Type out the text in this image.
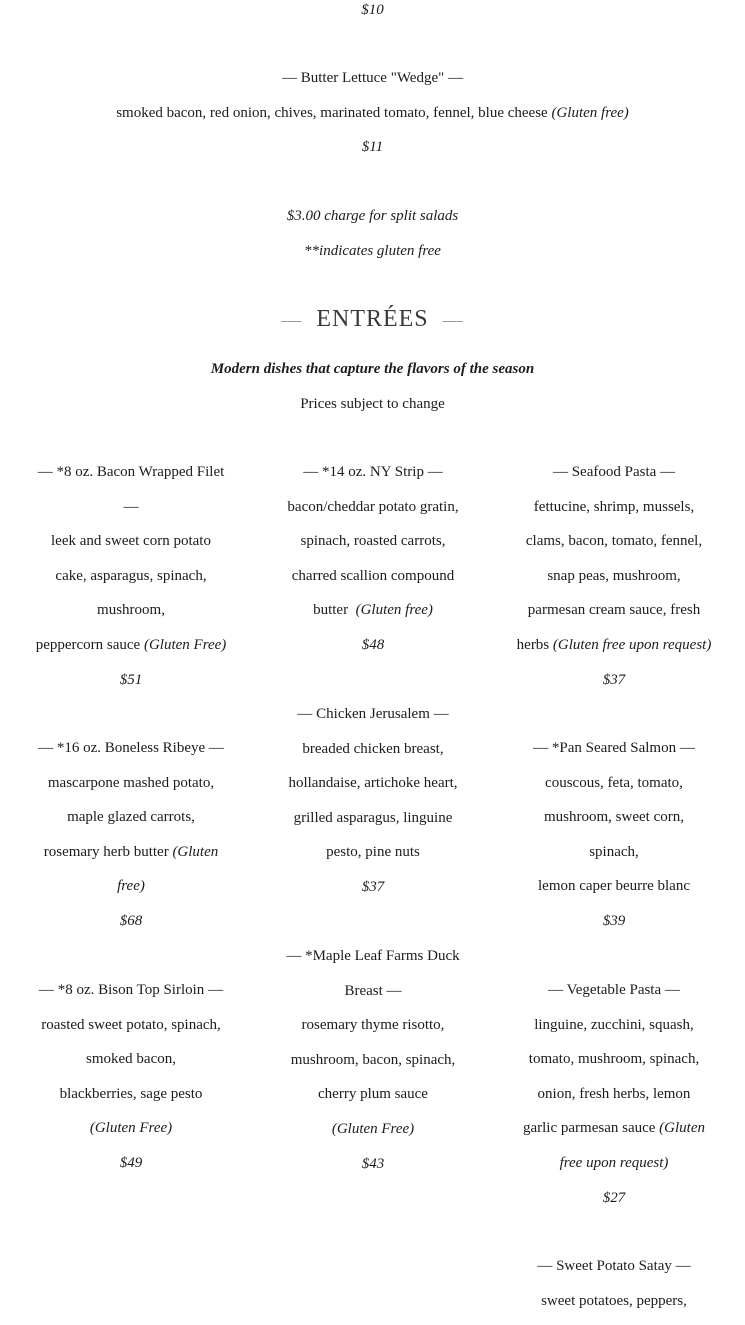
$10
— Butter Lettuce "Wedge" —
smoked bacon, red onion, chives, marinated tomato, fennel, blue cheese (Gluten free)
$11
$3.00 charge for split salads
**indicates gluten free
— ENTRÉES —
Modern dishes that capture the flavors of the season
Prices subject to change
— *8 oz. Bacon Wrapped Filet
—
leek and sweet corn potato
cake, asparagus, spinach,
mushroom,
peppercorn sauce (Gluten Free)
$51
— *16 oz. Boneless Ribeye —
mascarpone mashed potato,
maple glazed carrots,
rosemary herb butter (Gluten
free)
$68
— *8 oz. Bison Top Sirloin —
roasted sweet potato, spinach,
smoked bacon,
blackberries, sage pesto
(Gluten Free)
$49
— *14 oz. NY Strip —
bacon/cheddar potato gratin,
spinach, roasted carrots,
charred scallion compound
butter (Gluten free)
$48
— Chicken Jerusalem —
breaded chicken breast,
hollandaise, artichoke heart,
grilled asparagus, linguine
pesto, pine nuts
$37
— *Maple Leaf Farms Duck
Breast —
rosemary thyme risotto,
mushroom, bacon, spinach,
cherry plum sauce
(Gluten Free)
$43
— Seafood Pasta —
fettucine, shrimp, mussels,
clams, bacon, tomato, fennel,
snap peas, mushroom,
parmesan cream sauce, fresh
herbs (Gluten free upon request)
$37
— *Pan Seared Salmon —
couscous, feta, tomato,
mushroom, sweet corn,
spinach,
lemon caper beurre blanc
$39
— Vegetable Pasta —
linguine, zucchini, squash,
tomato, mushroom, spinach,
onion, fresh herbs, lemon
garlic parmesan sauce (Gluten
free upon request)
$27
— Sweet Potato Satay —
sweet potatoes, peppers,
